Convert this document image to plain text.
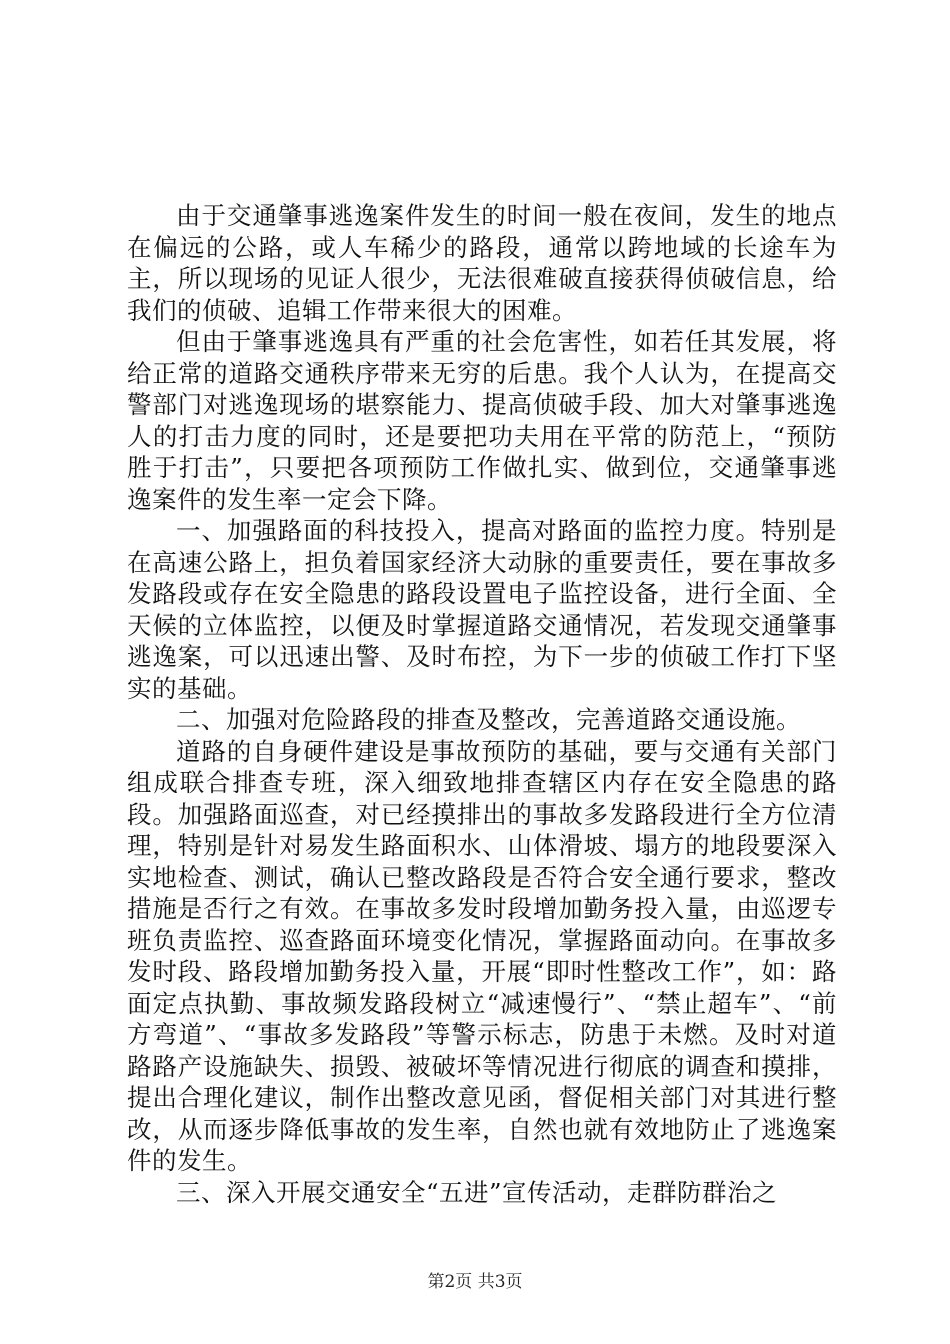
由于交通肇事逃逸案件发生的时间一般在夜间，发生的地点在偏远的公路，或人车稀少的路段，通常以跨地域的长途车为主，所以现场的见证人很少，无法很难破直接获得侦破信息，给我们的侦破、追辑工作带来很大的困难。

但由于肇事逃逸具有严重的社会危害性，如若任其发展，将给正常的道路交通秩序带来无穷的后患。我个人认为，在提高交警部门对逃逸现场的堪察能力、提高侦破手段、加大对肇事逃逸人的打击力度的同时，还是要把功夫用在平常的防范上，“预防胜于打击”，只要把各项预防工作做扎实、做到位，交通肇事逃逸案件的发生率一定会下降。

一、加强路面的科技投入，提高对路面的监控力度。特别是在高速公路上，担负着国家经济大动脉的重要责任，要在事故多发路段或存在安全隐患的路段设置电子监控设备，进行全面、全天候的立体监控，以便及时掌握道路交通情况，若发现交通肇事逃逸案，可以迅速出警、及时布控，为下一步的侦破工作打下坚实的基础。

二、加强对危险路段的排查及整改，完善道路交通设施。

道路的自身硬件建设是事故预防的基础，要与交通有关部门组成联合排查专班，深入细致地排查辖区内存在安全隐患的路段。加强路面巡查，对已经摸排出的事故多发路段进行全方位清理，特别是针对易发生路面积水、山体滑坡、塌方的地段要深入实地检查、测试，确认已整改路段是否符合安全通行要求，整改措施是否行之有效。在事故多发时段增加勤务投入量，由巡逻专班负责监控、巡查路面环境变化情况，掌握路面动向。在事故多发时段、路段增加勤务投入量，开展“即时性整改工作”，如：路面定点执勤、事故频发路段树立“减速慢行”、“禁止超车”、“前方弯道”、“事故多发路段”等警示标志，防患于未燃。及时对道路路产设施缺失、损毁、被破坏等情况进行彻底的调查和摸排，提出合理化建议，制作出整改意见函，督促相关部门对其进行整改，从而逐步降低事故的发生率，自然也就有效地防止了逃逸案件的发生。

三、深入开展交通安全“五进”宣传活动，走群防群治之

第2页 共3页
